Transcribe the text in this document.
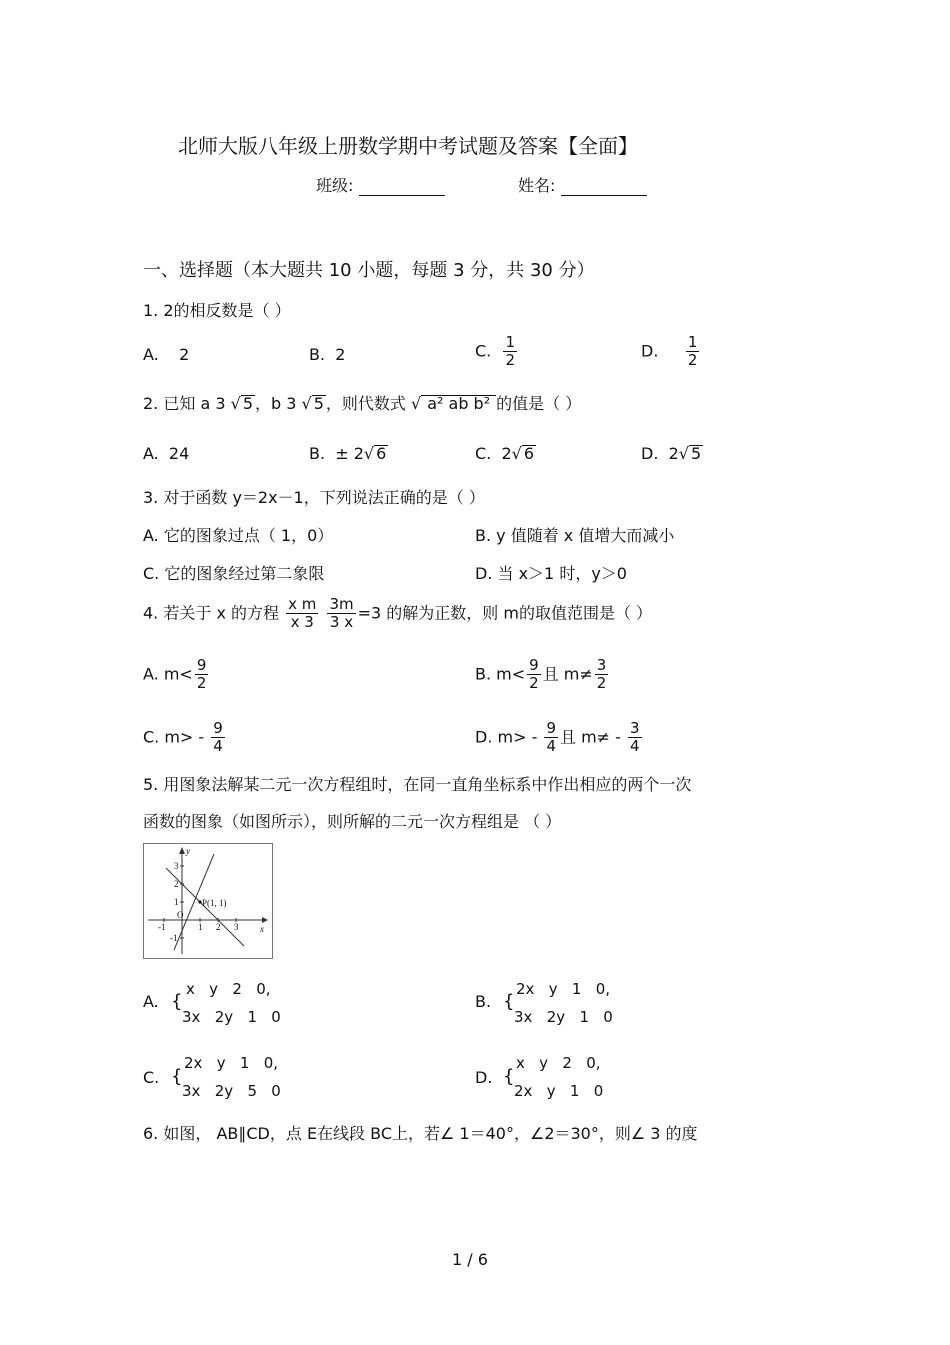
北师大版八年级上册数学期中考试题及答案【全面】
班级:	姓名:
一、选择题（本大题共 10 小题，每题 3 分，共 30 分）
1. 2的相反数是（ ）
A. 2	B. 2	C. $\frac{1}{2}$	D. $\frac{1}{2}$
2. 已知 a 3 √ 5 ，b 3 √ 5 ，则代数式 √ a² ab b² 的值是（ ）
A. 24	B. ± 2 √ 6	C. 2 √ 6	D. 2 √ 5
3. 对于函数 y＝2x－1，下列说法正确的是（ ）
A. 它的图象过点（ 1，0）	B. y 值随着 x 值增大而减小
C. 它的图象经过第二象限	D. 当 x＞1 时，y＞0
4. 若关于 x 的方程 $\frac{\text{x m}}{x 3}$
$\frac{3m}{3 x} =3$ 的解为正数，则 m的取值范围是（ ）
A. $m< \frac{9}{2}$	B. $m< \frac{9}{2}$ 且 $m\ne \frac{3}{2}$
C. $m> - \frac{9}{4}$	D. $m> - \frac{9}{4}$ 且 $m\ne - \frac{3}{4}$
5. 用图象法解某二元一次方程组时，在同一直角坐标系中作出相应的两个一次
函数的图象（如图所示），则所解的二元一次方程组是 （ ）
P(1, 1)
-1
O
1 2 3
1
2
3
-1
x
y
A. {
x   y   2   0,
3x   2y   1   0
B. {
2x   y   1   0,
3x   2y   1   0
C. {
2x   y   1   0,
3x   2y   5   0
D. {
x   y   2   0,
2x   y   1   0
6. 如图， AB∥CD，点 E在线段 BC上，若∠ 1＝40°，∠2＝30°，则∠ 3 的度
1 / 6
